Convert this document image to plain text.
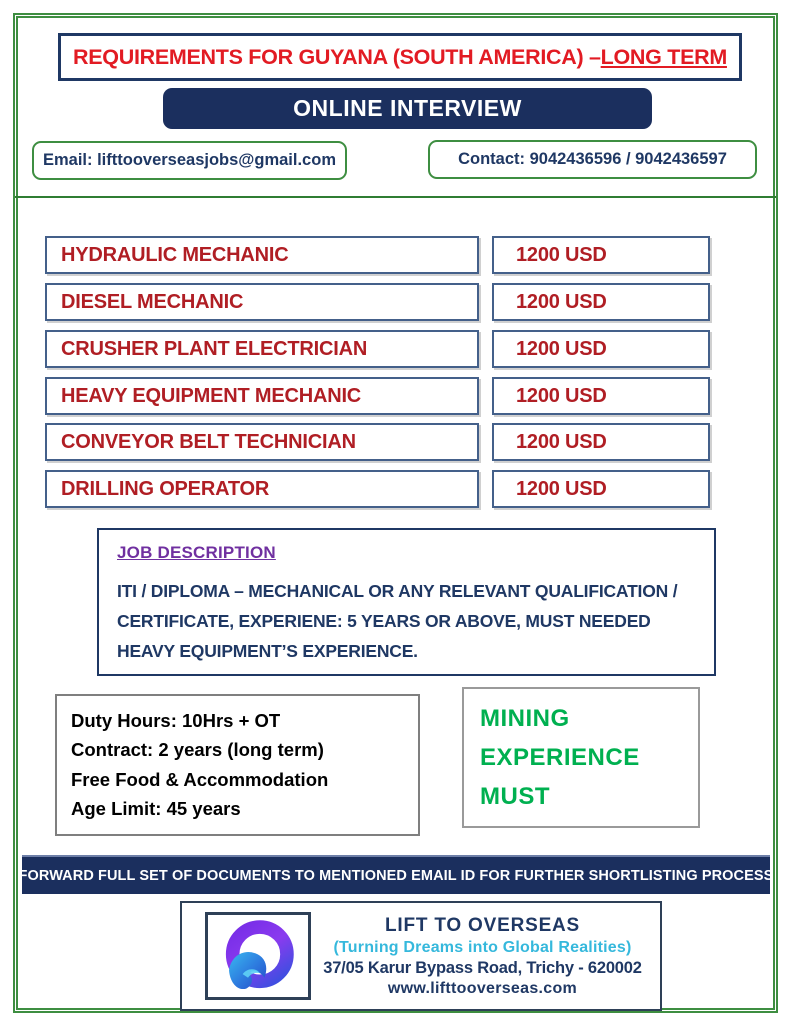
REQUIREMENTS FOR GUYANA (SOUTH AMERICA) – LONG TERM
ONLINE INTERVIEW
Email: lifttooverseasjobs@gmail.com	Contact: 9042436596 / 9042436597
HYDRAULIC MECHANIC	1200 USD
DIESEL MECHANIC	1200 USD
CRUSHER PLANT ELECTRICIAN	1200 USD
HEAVY EQUIPMENT MECHANIC	1200 USD
CONVEYOR BELT TECHNICIAN	1200 USD
DRILLING OPERATOR	1200 USD
JOB DESCRIPTION
ITI / DIPLOMA – MECHANICAL OR ANY RELEVANT QUALIFICATION / CERTIFICATE, EXPERIENE: 5 YEARS OR ABOVE, MUST NEEDED HEAVY EQUIPMENT’S EXPERIENCE.
Duty Hours: 10Hrs + OT
Contract: 2 years (long term)
Free Food & Accommodation
Age Limit: 45 years
MINING
EXPERIENCE
MUST
FORWARD FULL SET OF DOCUMENTS TO MENTIONED EMAIL ID FOR FURTHER SHORTLISTING PROCESS
LIFT TO OVERSEAS
(Turning Dreams into Global Realities)
37/05 Karur Bypass Road, Trichy - 620002
www.lifttooverseas.com
